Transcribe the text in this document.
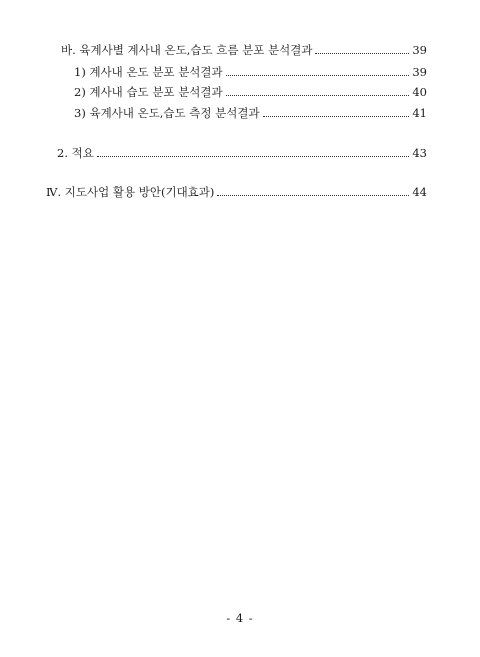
바. 육계사별 계사내 온도,습도 흐름 분포 분석결과	39
1) 계사내 온도 분포 분석결과	39
2) 계사내 습도 분포 분석결과	40
3) 육계사내 온도,습도 측정 분석결과	41
2. 적요	43
Ⅳ. 지도사업 활용 방안(기대효과)	44
- 4 -
